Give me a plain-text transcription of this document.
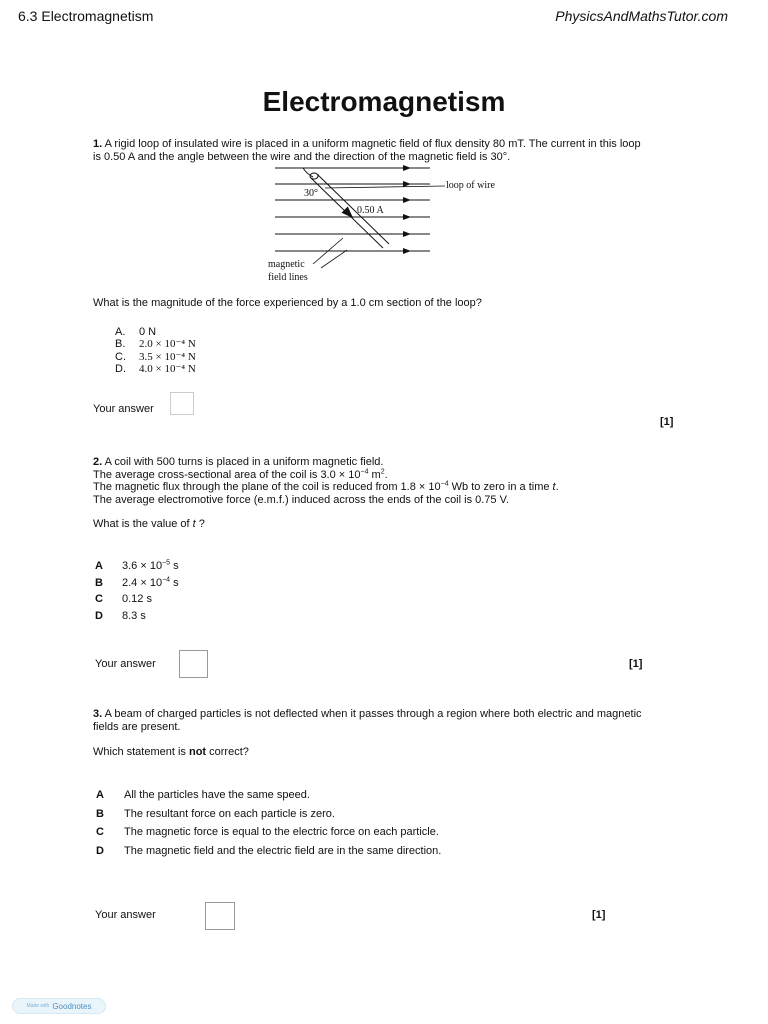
6.3 Electromagnetism	PhysicsAndMathsTutor.com
Electromagnetism
1. A rigid loop of insulated wire is placed in a uniform magnetic field of flux density 80 mT. The current in this loop
is 0.50 A and the angle between the wire and the direction of the magnetic field is 30°.
30°
0.50 A
loop of wire
magnetic
field lines
What is the magnitude of the force experienced by a 1.0 cm section of the loop?
A.	0 N
B.	2.0 × 10⁻⁴ N
C.	3.5 × 10⁻⁴ N
D.	4.0 × 10⁻⁴ N
Your answer
[1]
2. A coil with 500 turns is placed in a uniform magnetic field.
The average cross-sectional area of the coil is $3.0 \times 10^{-4}$ $m^2$.
The magnetic flux through the plane of the coil is reduced from $1.8 \times 10^{-4}$ Wb to zero in a time t.
The average electromotive force (e.m.f.) induced across the ends of the coil is 0.75 V.
What is the value of t ?
A	$3.6 \times 10^{-5}$ s
B	$2.4 \times 10^{-4}$ s
C	0.12 s
D	8.3 s
Your answer	[1]
3. A beam of charged particles is not deflected when it passes through a region where both electric and magnetic
fields are present.
Which statement is not correct?
A	All the particles have the same speed.
B	The resultant force on each particle is zero.
C	The magnetic force is equal to the electric force on each particle.
D	The magnetic field and the electric field are in the same direction.
Your answer	[1]
Made with Goodnotes
